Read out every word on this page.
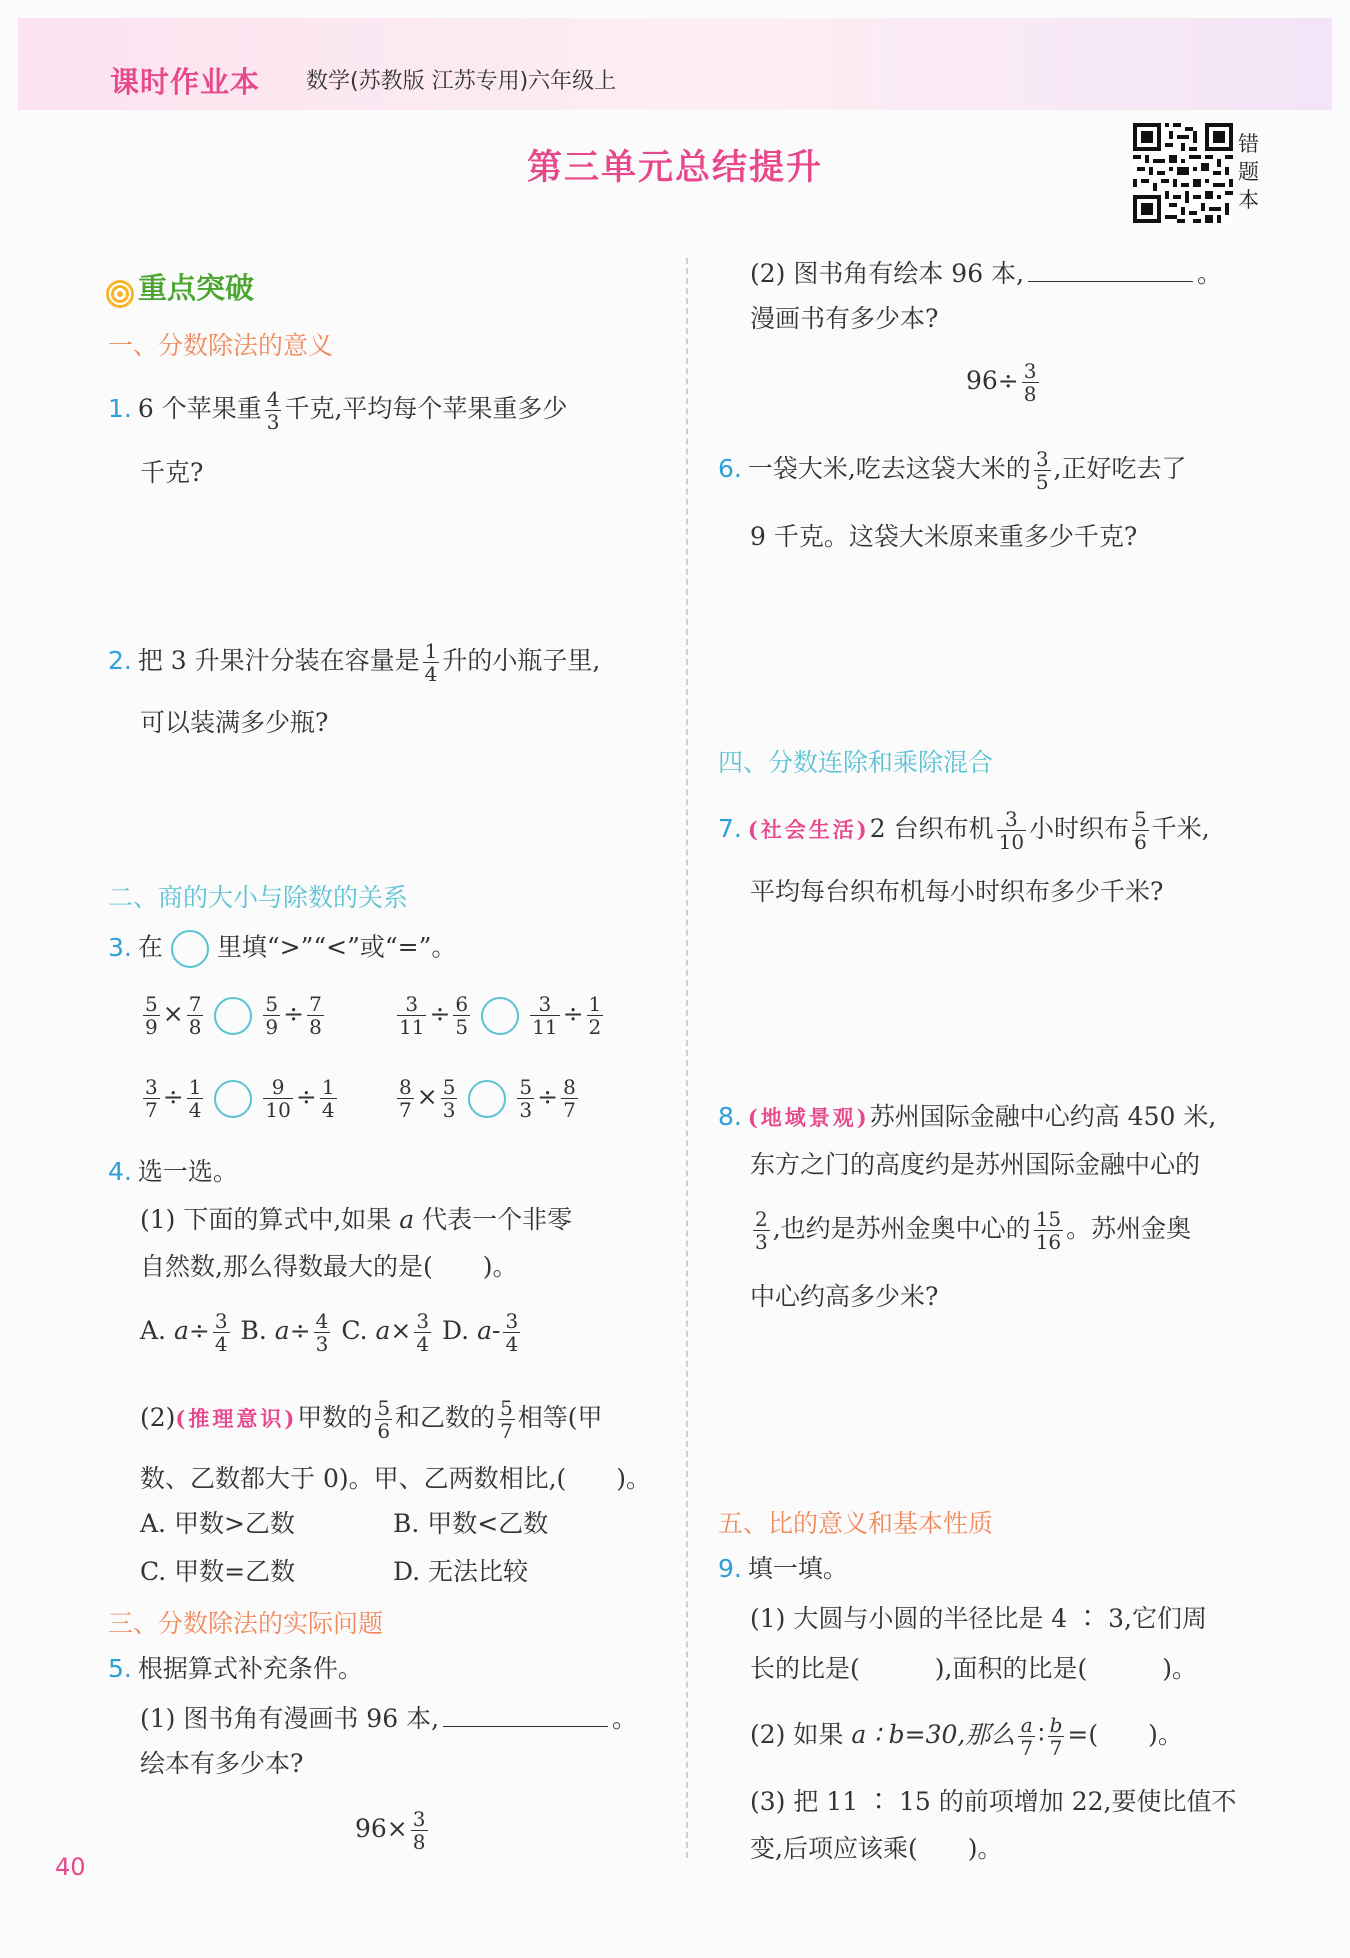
课时作业本 数学(苏教版 江苏专用)六年级上
第三单元总结提升
错
题
本
重点突破
一、分数除法的意义
1. 6 个苹果重 $\frac{4}{3}$ 千克,平均每个苹果重多少
千克?
2. 把 3 升果汁分装在容量是 $\frac{1}{4}$ 升的小瓶子里,
可以装满多少瓶?
二、商的大小与除数的关系
3. 在 里填“>”“<”或“=”。
$\frac{5}{9} \times \frac{7}{8}$	$\frac{5}{9} \div \frac{7}{8}$	$\frac{3}{11} \div \frac{6}{5}$	$\frac{3}{11} \div \frac{1}{2}$
$\frac{3}{7} \div \frac{1}{4}$	$\frac{9}{10} \div \frac{1}{4}$	$\frac{8}{7} \times \frac{5}{3}$	$\frac{5}{3} \div \frac{8}{7}$
4. 选一选。
(1) 下面的算式中,如果 a 代表一个非零
自然数,那么得数最大的是(　　)。
A. $a\div \frac{3}{4} B$. $a\div \frac{4}{3} C$. $a\times \frac{3}{4} D$. $a- \frac{3}{4}$
(2)(推理意识)甲数的 $\frac{5}{6}$ 和乙数的 $\frac{5}{7}$ 相等(甲
数、乙数都大于 0)。甲、乙两数相比,(　　)。
A. 甲数>乙数	B. 甲数<乙数
C. 甲数=乙数	D. 无法比较
三、分数除法的实际问题
5. 根据算式补充条件。
(1) 图书角有漫画书 96 本,	。
绘本有多少本?
$96\times \frac{3}{8}$
40
(2) 图书角有绘本 96 本,	。
漫画书有多少本?
$96\div \frac{3}{8}$
6. 一袋大米,吃去这袋大米的 $\frac{3}{5}$ ,正好吃去了
9 千克。这袋大米原来重多少千克?
四、分数连除和乘除混合
7. (社会生活)2 台织布机 $\frac{3}{10}$ 小时织布 $\frac{5}{6}$ 千米,
平均每台织布机每小时织布多少千米?
8. (地域景观)苏州国际金融中心约高 450 米,
东方之门的高度约是苏州国际金融中心的
$\frac{2}{3}$ ,也约是苏州金奥中心的 $\frac{15}{16}$ 。苏州金奥
中心约高多少米?
五、比的意义和基本性质
9. 填一填。
(1) 大圆与小圆的半径比是 4 ∶ 3,它们周
长的比是(　　　),面积的比是(　　　)。
(2) 如果 a ∶ b=30,那么 $\frac{a}{7}$ ∶ $\frac{b}{7}$ =(　　)。
(3) 把 11 ∶ 15 的前项增加 22,要使比值不
变,后项应该乘(　　)。
